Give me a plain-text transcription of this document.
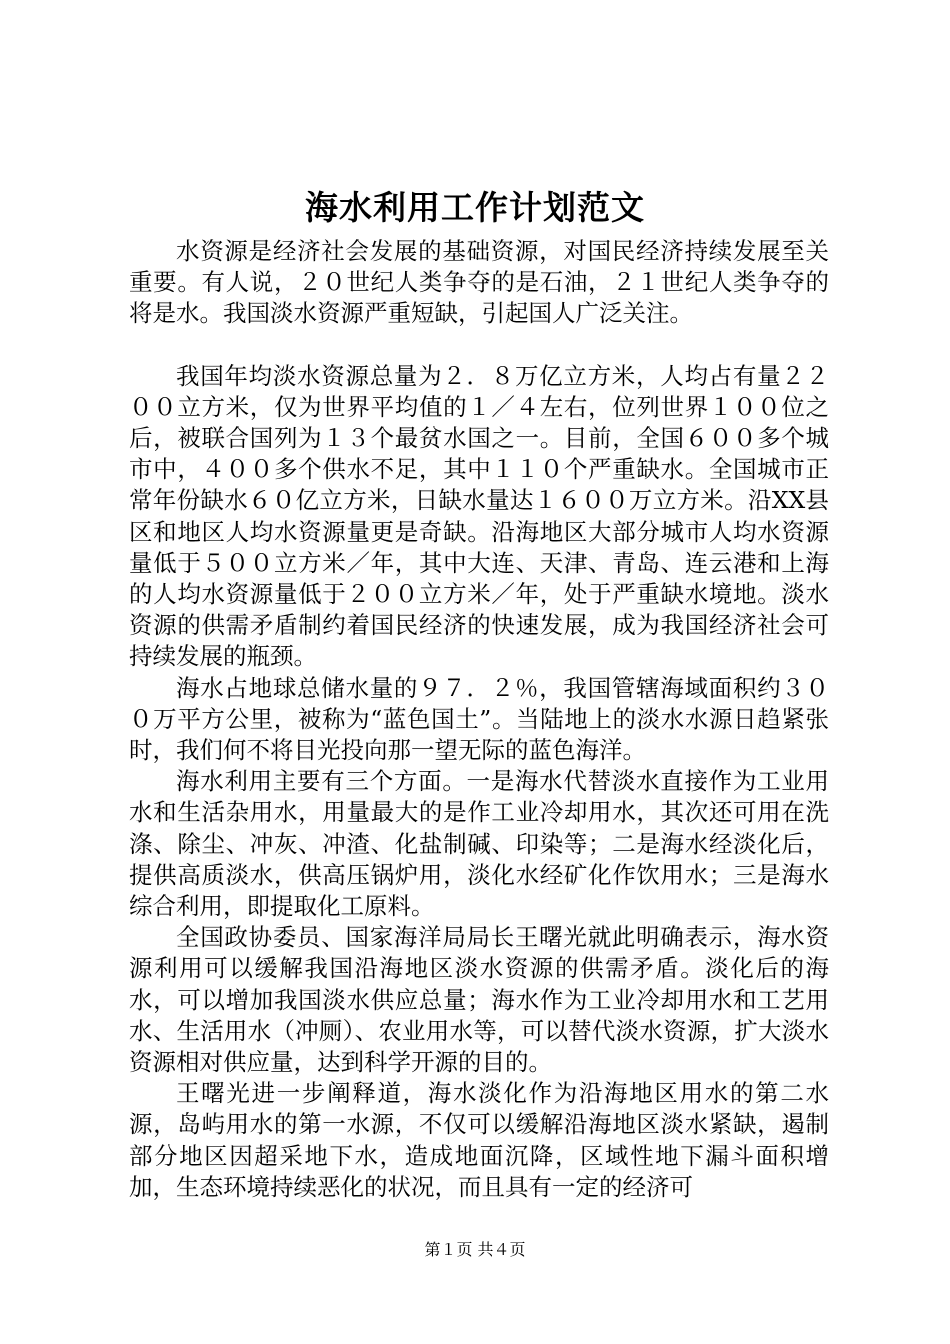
海水利用工作计划范文

水资源是经济社会发展的基础资源，对国民经济持续发展至关重要。有人说，２０世纪人类争夺的是石油，２１世纪人类争夺的将是水。我国淡水资源严重短缺，引起国人广泛关注。

我国年均淡水资源总量为２．８万亿立方米，人均占有量２２００立方米，仅为世界平均值的１／４左右，位列世界１００位之后，被联合国列为１３个最贫水国之一。目前，全国６００多个城市中，４００多个供水不足，其中１１０个严重缺水。全国城市正常年份缺水６０亿立方米，日缺水量达１６００万立方米。沿XX县区和地区人均水资源量更是奇缺。沿海地区大部分城市人均水资源量低于５００立方米／年，其中大连、天津、青岛、连云港和上海的人均水资源量低于２００立方米／年，处于严重缺水境地。淡水资源的供需矛盾制约着国民经济的快速发展，成为我国经济社会可持续发展的瓶颈。

海水占地球总储水量的９７．２％，我国管辖海域面积约３００万平方公里，被称为“蓝色国土”。当陆地上的淡水水源日趋紧张时，我们何不将目光投向那一望无际的蓝色海洋。

海水利用主要有三个方面。一是海水代替淡水直接作为工业用水和生活杂用水，用量最大的是作工业冷却用水，其次还可用在洗涤、除尘、冲灰、冲渣、化盐制碱、印染等；二是海水经淡化后，提供高质淡水，供高压锅炉用，淡化水经矿化作饮用水；三是海水综合利用，即提取化工原料。

全国政协委员、国家海洋局局长王曙光就此明确表示，海水资源利用可以缓解我国沿海地区淡水资源的供需矛盾。淡化后的海水，可以增加我国淡水供应总量；海水作为工业冷却用水和工艺用水、生活用水（冲厕）、农业用水等，可以替代淡水资源，扩大淡水资源相对供应量，达到科学开源的目的。

王曙光进一步阐释道，海水淡化作为沿海地区用水的第二水源，岛屿用水的第一水源，不仅可以缓解沿海地区淡水紧缺，遏制部分地区因超采地下水，造成地面沉降，区域性地下漏斗面积增加，生态环境持续恶化的状况，而且具有一定的经济可

第１页 共４页
